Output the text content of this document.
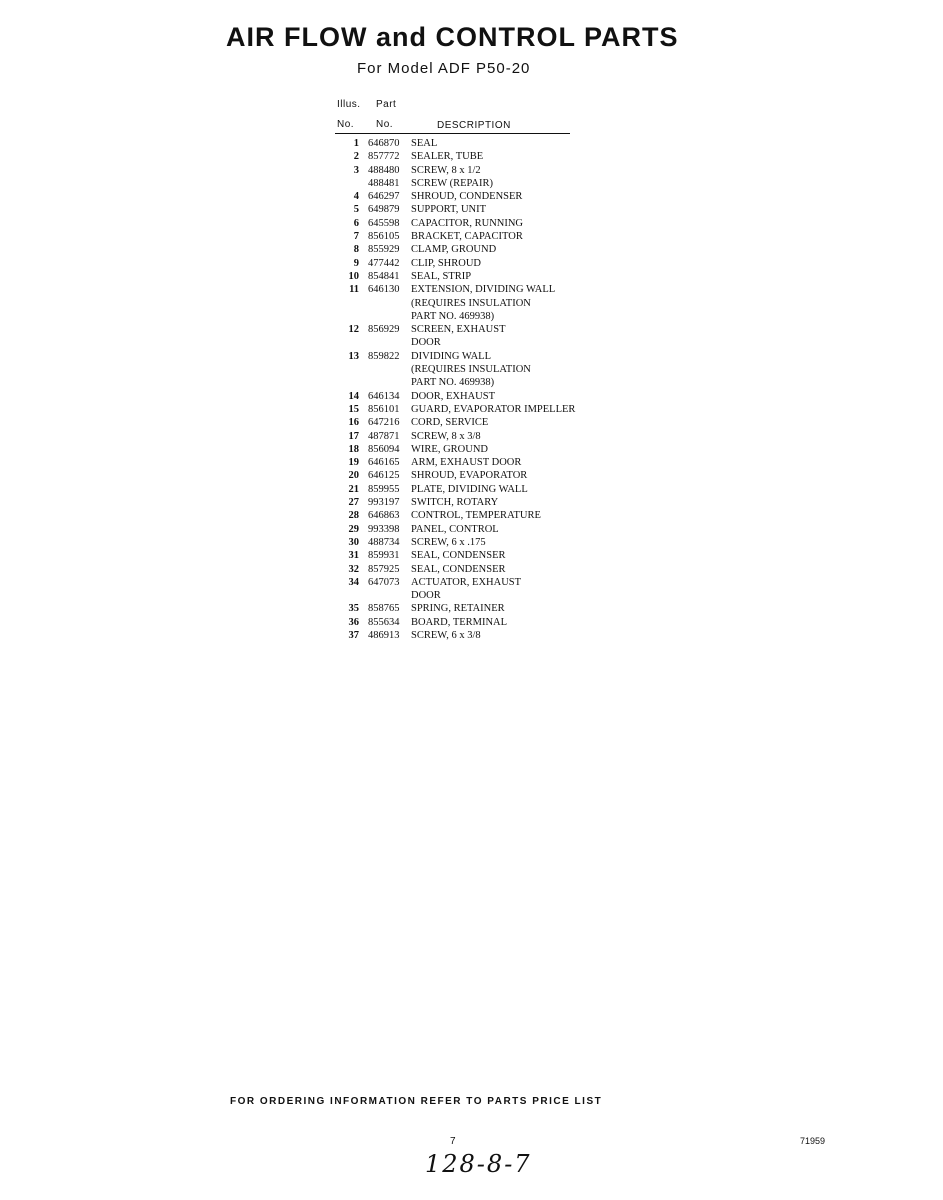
AIR FLOW and CONTROL PARTS
For Model ADF P50-20
Illus.
No.
Part
No.	DESCRIPTION
1 646870	SEAL
2 857772	SEALER, TUBE
3 488480	SCREW, 8 x 1/2
488481	SCREW (REPAIR)
4 646297	SHROUD, CONDENSER
5 649879	SUPPORT, UNIT
6 645598	CAPACITOR, RUNNING
7 856105	BRACKET, CAPACITOR
8 855929	CLAMP, GROUND
9 477442	CLIP, SHROUD
10 854841	SEAL, STRIP
11 646130	EXTENSION, DIVIDING WALL
(REQUIRES INSULATION
PART NO. 469938)
12 856929	SCREEN, EXHAUST
DOOR
13 859822	DIVIDING WALL
(REQUIRES INSULATION
PART NO. 469938)
14 646134	DOOR, EXHAUST
15 856101	GUARD, EVAPORATOR IMPELLER
16 647216	CORD, SERVICE
17 487871	SCREW, 8 x 3/8
18 856094	WIRE, GROUND
19 646165	ARM, EXHAUST DOOR
20 646125	SHROUD, EVAPORATOR
21 859955	PLATE, DIVIDING WALL
27 993197	SWITCH, ROTARY
28 646863	CONTROL, TEMPERATURE
29 993398	PANEL, CONTROL
30 488734	SCREW, 6 x .175
31 859931	SEAL, CONDENSER
32 857925	SEAL, CONDENSER
34 647073	ACTUATOR, EXHAUST
DOOR
35 858765	SPRING, RETAINER
36 855634	BOARD, TERMINAL
37 486913	SCREW, 6 x 3/8
FOR ORDERING INFORMATION REFER TO PARTS PRICE LIST
7	71959
128-8-7
